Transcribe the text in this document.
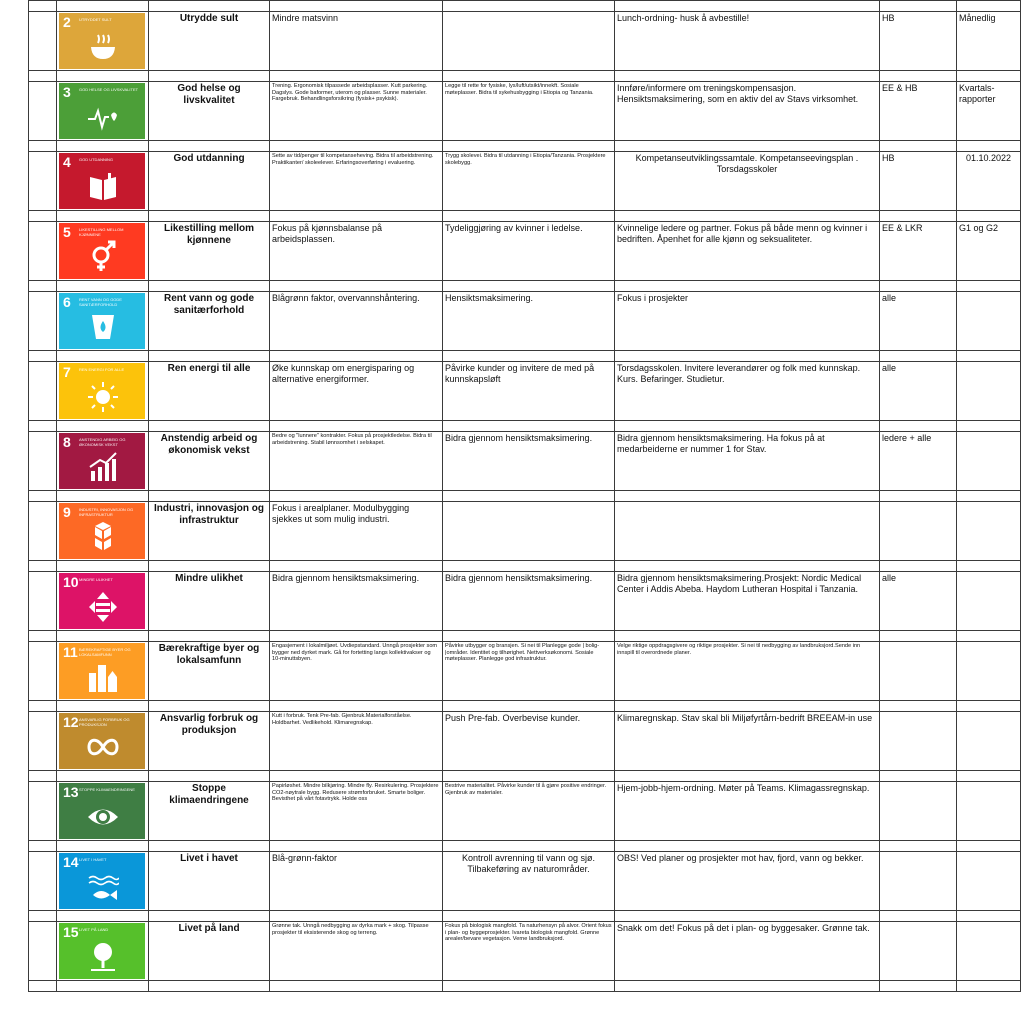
	2 UTRYDDET SULT	Utrydde sult	Mindre matsvinn		Lunch-ordning- husk å avbestille!	HB	Månedlig

	3 GOD HELSE OG LIVSKVALITET	God helse og livskvalitet	Trening. Ergonomisk tilpassede arbeidsplasser. Kutt parkering. Dagslys. Gode baformer, uterom og plasser. Sunne materialer. Fargebruk. Behandlingsforsikring (fysisk+ psykisk).	Legge til rette for fysiske, lys/luft/utsikt/innekft. Sosiale møteplasser. Bidra til sykehusbygging i Etiopia og Tanzania.	Innføre/informere om treningskompensasjon. Hensiktsmaksimering, som en aktiv del av Stavs virksomhet.	EE & HB	Kvartals-rapporter

	4 GOD UTDANNING	God utdanning	Sette av tid/penger til kompetanseheving. Bidra til arbeidstrening. Praktikanter/ skoleelever. Erfaringsoverføring i evaluering.	Trygg skolevei. Bidra til utdanning i Etiopia/Tanzania. Prosjektere skolebygg.	Kompetanseutviklingssamtale. Kompetanseevingsplan . Torsdagsskoler	HB	01.10.2022

	5 LIKESTILLING MELLOM KJØNNENE	Likestilling mellom kjønnene	Fokus på kjønnsbalanse på arbeidsplassen.	Tydeliggjøring av kvinner i ledelse.	Kvinnelige ledere og partner. Fokus på både menn og kvinner i bedriften. Åpenhet for alle kjønn og seksualiteter.	EE & LKR	G1 og G2

	6 RENT VANN OG GODE SANITÆRFORHOLD	Rent vann og gode sanitærforhold	Blågrønn faktor, overvannshåntering.	Hensiktsmaksimering.	Fokus i prosjekter	alle	

	7 REN ENERGI FOR ALLE	Ren energi til alle	Øke kunnskap om energisparing og alternative energiformer.	Påvirke kunder og invitere de med på kunnskapsløft	Torsdagsskolen. Invitere leverandører og folk med kunnskap. Kurs. Befaringer. Studietur.	alle	

	8 ANSTENDIG ARBEID OG ØKONOMISK VEKST	Anstendig arbeid og økonomisk vekst	Bedre og "lunnere" kontrakter. Fokus på prosjektledelse. Bidra til arbeidstrening. Stabil lønnsomhet i selskapet.	Bidra gjennom hensiktsmaksimering.	Bidra gjennom hensiktsmaksimering. Ha fokus på at medarbeiderne er nummer 1 for Stav.	ledere + alle	

	9 INDUSTRI, INNOVASJON OG INFRASTRUKTUR	Industri, innovasjon og infrastruktur	Fokus i arealplaner. Modulbygging sjekkes ut som mulig industri.				

	10 MINDRE ULIKHET	Mindre ulikhet	Bidra gjennom hensiktsmaksimering.	Bidra gjennom hensiktsmaksimering.	Bidra gjennom hensiktsmaksimering.Prosjekt: Nordic Medical Center i Addis Abeba. Haydom Lutheran Hospital i Tanzania.	alle	

	11 BÆREKRAFTIGE BYER OG LOKALSAMFUNN	Bærekraftige byer og lokalsamfunn	Engasjement i lokalmiljøet. Uvdiepstandard. Unngå prosjekter som bygger ned dyrket mark. Gå for fortetting langs kollektivakser og 10-minuttsbyen.	Påvirke utbygger og bransjen. Si nei til Planlegge gode | bolig-|områder. Identitet og tilhørighet. Nettverksøkonomi. Sosiale møteplasser. Planlegge god infrastruktur.	Velge riktige oppdragsgivere og riktige prosjekter. Si nei til nedbygging av landbruksjord.Sende inn innspill til overordnede planer.		

	12 ANSVARLIG FORBRUK OG PRODUKSJON	Ansvarlig forbruk og produksjon	Kutt i forbruk. Tenk Pre-fab. Gjenbruk.Materialforståelse. Holdbarhet. Vedlikehold. Klimaregnskap.	Push Pre-fab. Overbevise kunder.	Klimaregnskap. Stav skal bli Miljøfyrtårn-bedrift BREEAM-in use		

	13 STOPPE KLIMAENDRINGENE	Stoppe klimaendringene	Papirløshet. Mindre bilkjøring. Mindre fly. Resirkulering. Prosjektere CO2-nøytrale bygg. Redusere strømforbruket. Smarte boliger. Bevisthet på vårt fotavtrykk. Holde oss	Bestrive materialitet. Påvirke kunder til å gjøre positive endringer. Gjenbruk av materialer.	Hjem-jobb-hjem-ordning. Møter på Teams. Klimagassregnskap.		

	14 LIVET I HAVET	Livet i havet	Blå-grønn-faktor	Kontroll avrenning til vann og sjø. Tilbakeføring av naturområder.	OBS! Ved planer og prosjekter mot hav, fjord, vann og bekker.		

	15 LIVET PÅ LAND	Livet på land	Grønne tak. Unngå nedbygging av dyrka mark + skog. Tilpasse prosjekter til eksisterende skog og terreng.	Fokus på biologisk mangfold. Ta naturhensyn på alvor. Orient fokus i plan- og byggeprosjekter. Ivareta biologisk mangfold. Grønne arealer/bevare vegetasjon. Verne landbruksjord.	Snakk om det! Fokus på det i plan- og byggesaker. Grønne tak.		
